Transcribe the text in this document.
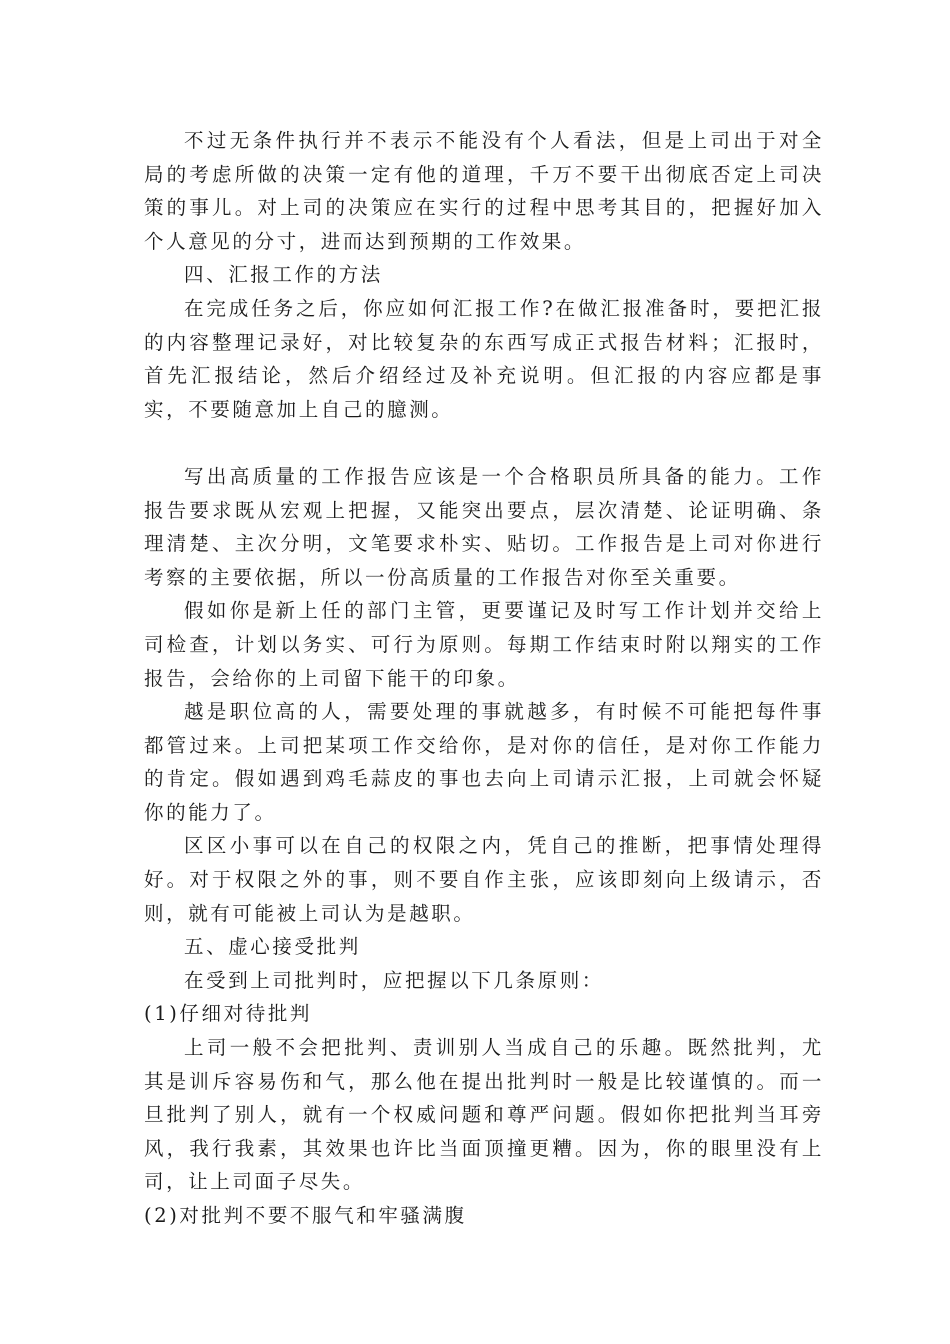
不过无条件执行并不表示不能没有个人看法，但是上司出于对全局的考虑所做的决策一定有他的道理，千万不要干出彻底否定上司决策的事儿。对上司的决策应在实行的过程中思考其目的，把握好加入个人意见的分寸，进而达到预期的工作效果。

四、汇报工作的方法

在完成任务之后，你应如何汇报工作?在做汇报准备时，要把汇报的内容整理记录好，对比较复杂的东西写成正式报告材料；汇报时，首先汇报结论，然后介绍经过及补充说明。但汇报的内容应都是事实，不要随意加上自己的臆测。

写出高质量的工作报告应该是一个合格职员所具备的能力。工作报告要求既从宏观上把握，又能突出要点，层次清楚、论证明确、条理清楚、主次分明，文笔要求朴实、贴切。工作报告是上司对你进行考察的主要依据，所以一份高质量的工作报告对你至关重要。

假如你是新上任的部门主管，更要谨记及时写工作计划并交给上司检查，计划以务实、可行为原则。每期工作结束时附以翔实的工作报告，会给你的上司留下能干的印象。

越是职位高的人，需要处理的事就越多，有时候不可能把每件事都管过来。上司把某项工作交给你，是对你的信任，是对你工作能力的肯定。假如遇到鸡毛蒜皮的事也去向上司请示汇报，上司就会怀疑你的能力了。

区区小事可以在自己的权限之内，凭自己的推断，把事情处理得好。对于权限之外的事，则不要自作主张，应该即刻向上级请示，否则，就有可能被上司认为是越职。

五、虚心接受批判

在受到上司批判时，应把握以下几条原则：

(1)仔细对待批判

上司一般不会把批判、责训别人当成自己的乐趣。既然批判，尤其是训斥容易伤和气，那么他在提出批判时一般是比较谨慎的。而一旦批判了别人，就有一个权威问题和尊严问题。假如你把批判当耳旁风，我行我素，其效果也许比当面顶撞更糟。因为，你的眼里没有上司，让上司面子尽失。

(2)对批判不要不服气和牢骚满腹
